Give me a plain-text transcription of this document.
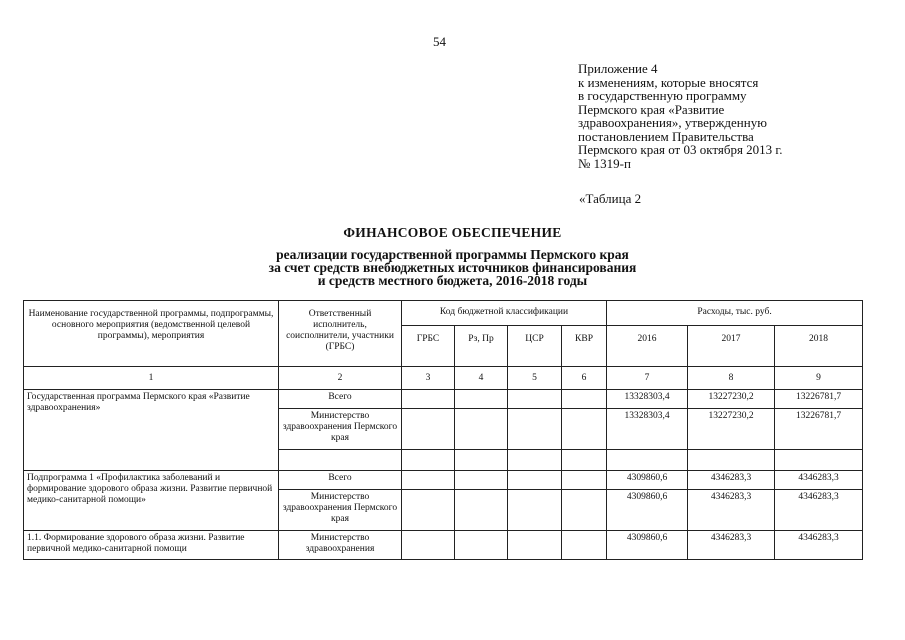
54
Приложение 4
к изменениям, которые вносятся
в государственную программу
Пермского края «Развитие
здравоохранения», утвержденную
постановлением Правительства
Пермского края от 03 октября 2013 г.
№ 1319-п
«Таблица 2
ФИНАНСОВОЕ ОБЕСПЕЧЕНИЕ
реализации государственной программы Пермского края
за счет средств внебюджетных источников финансирования
и средств местного бюджета, 2016-2018 годы
Наименование государственной программы, подпрограммы, основного мероприятия (ведомственной целевой программы), мероприятия	Ответственный исполнитель, соисполнители, участники (ГРБС)	Код бюджетной классификации				Расходы, тыс. руб.		
		ГРБС	Рз, Пр	ЦСР	КВР	2016	2017	2018
1	2	3	4	5	6	7	8	9
Государственная программа Пермского края «Развитие здравоохранения»	Всего					13328303,4	13227230,2	13226781,7
	Министерство здравоохранения Пермского края					13328303,4	13227230,2	13226781,7

Подпрограмма 1 «Профилактика заболеваний и формирование здорового образа жизни. Развитие первичной медико-санитарной помощи»	Всего					4309860,6	4346283,3	4346283,3
	Министерство здравоохранения Пермского края					4309860,6	4346283,3	4346283,3
1.1. Формирование здорового образа жизни. Развитие первичной медико-санитарной помощи	Министерство здравоохранения					4309860,6	4346283,3	4346283,3
